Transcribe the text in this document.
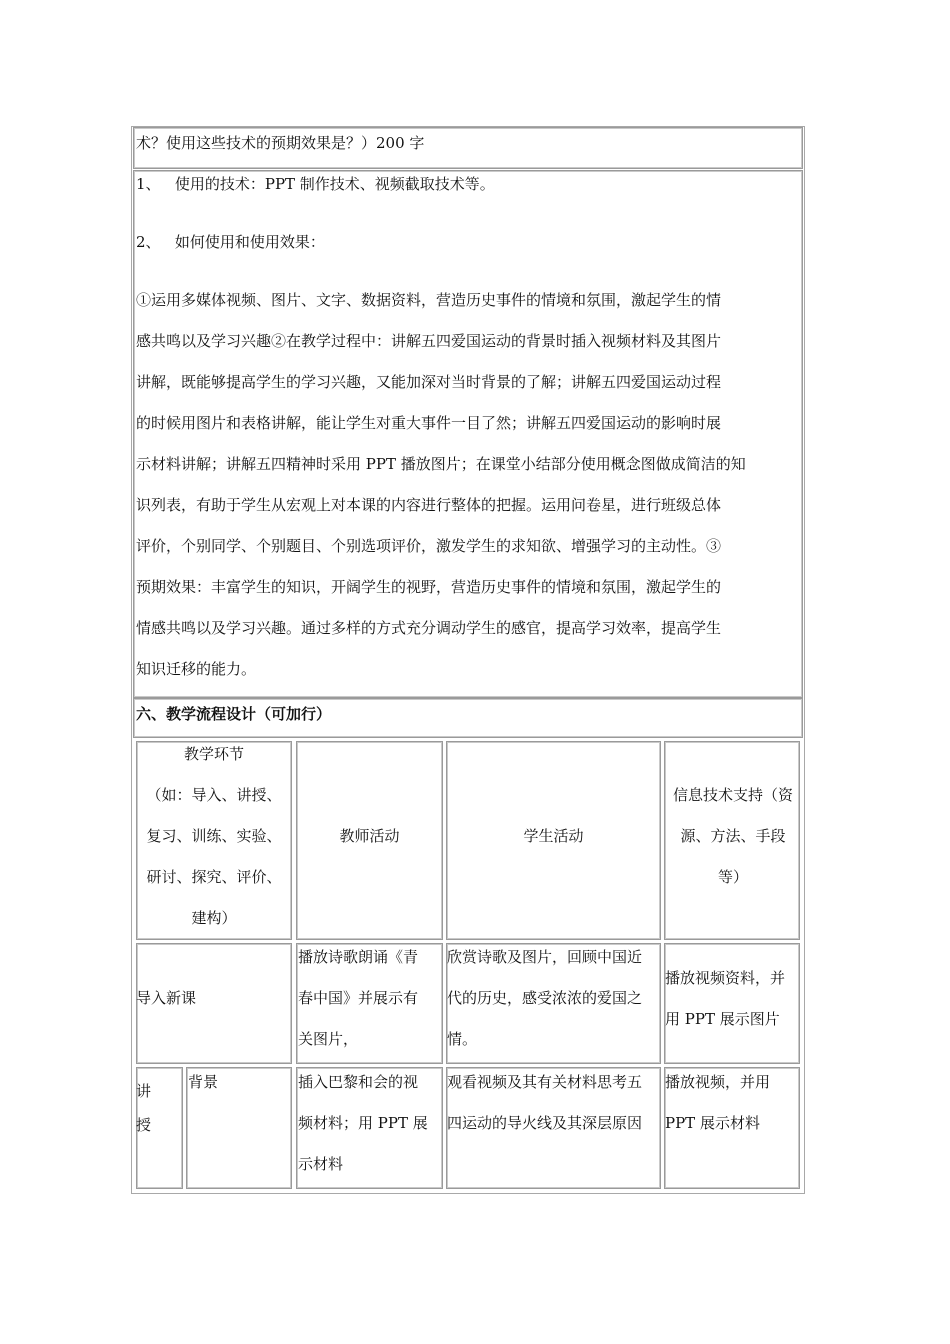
术？使用这些技术的预期效果是？）200 字
1、   使用的技术：PPT 制作技术、视频截取技术等。
2、   如何使用和使用效果：
①运用多媒体视频、图片、文字、数据资料，营造历史事件的情境和氛围，激起学生的情
感共鸣以及学习兴趣②在教学过程中：讲解五四爱国运动的背景时插入视频材料及其图片
讲解，既能够提高学生的学习兴趣，又能加深对当时背景的了解；讲解五四爱国运动过程
的时候用图片和表格讲解，能让学生对重大事件一目了然；讲解五四爱国运动的影响时展
示材料讲解；讲解五四精神时采用 PPT 播放图片；在课堂小结部分使用概念图做成简洁的知
识列表，有助于学生从宏观上对本课的内容进行整体的把握。运用问卷星，进行班级总体
评价，个别同学、个别题目、个别选项评价，激发学生的求知欲、增强学习的主动性。③
预期效果：丰富学生的知识，开阔学生的视野，营造历史事件的情境和氛围，激起学生的
情感共鸣以及学习兴趣。通过多样的方式充分调动学生的感官，提高学习效率，提高学生
知识迁移的能力。
六、教学流程设计（可加行）
教学环节
（如：导入、讲授、
复习、训练、实验、
研讨、探究、评价、
建构）
教师活动	学生活动
信息技术支持（资
源、方法、手段
等）
导入新课
播放诗歌朗诵《青
春中国》并展示有
关图片，
欣赏诗歌及图片，回顾中国近
代的历史，感受浓浓的爱国之
情。
播放视频资料，并
用 PPT 展示图片
讲
授
背景	插入巴黎和会的视
频材料；用 PPT 展
示材料
观看视频及其有关材料思考五
四运动的导火线及其深层原因
播放视频，并用
PPT 展示材料
